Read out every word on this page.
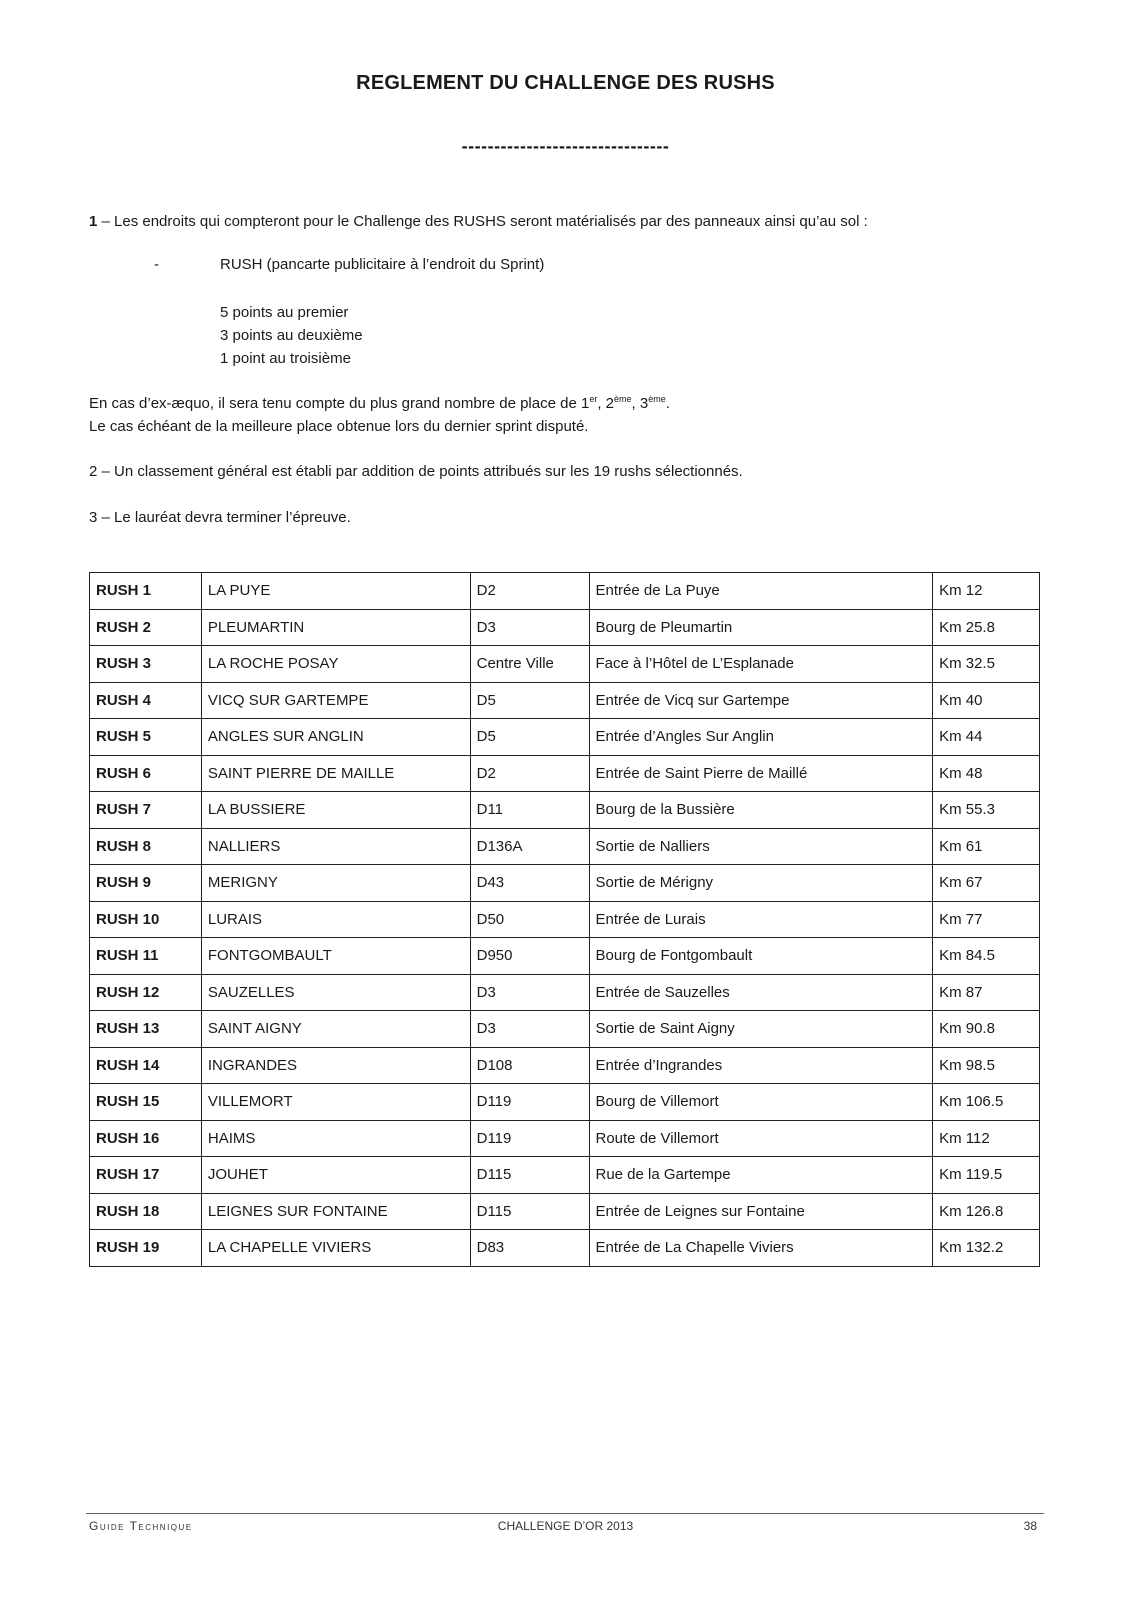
REGLEMENT DU CHALLENGE DES RUSHS
--------------------------------
1 – Les endroits qui compteront pour le Challenge des RUSHS seront matérialisés par des panneaux ainsi qu’au sol :
-	RUSH (pancarte publicitaire à l’endroit du Sprint)
5 points au premier
3 points au deuxième
1 point au troisième
En cas d’ex-æquo, il sera tenu compte du plus grand nombre de place de 1er, 2ème, 3ème.
Le cas échéant de la meilleure place obtenue lors du dernier sprint disputé.
2 – Un classement général est établi par addition de points attribués sur les 19 rushs sélectionnés.
3 – Le lauréat devra terminer l’épreuve.
RUSH 1	LA PUYE	D2	Entrée de La Puye	Km 12
RUSH 2	PLEUMARTIN	D3	Bourg de Pleumartin	Km 25.8
RUSH 3	LA ROCHE POSAY	Centre Ville	Face à l’Hôtel de L’Esplanade	Km 32.5
RUSH 4	VICQ SUR GARTEMPE	D5	Entrée de Vicq sur Gartempe	Km 40
RUSH 5	ANGLES SUR ANGLIN	D5	Entrée d’Angles Sur Anglin	Km 44
RUSH 6	SAINT PIERRE DE MAILLE	D2	Entrée de Saint Pierre de Maillé	Km 48
RUSH 7	LA BUSSIERE	D11	Bourg de la Bussière	Km 55.3
RUSH 8	NALLIERS	D136A	Sortie de Nalliers	Km 61
RUSH 9	MERIGNY	D43	Sortie de Mérigny	Km 67
RUSH 10	LURAIS	D50	Entrée de Lurais	Km 77
RUSH 11	FONTGOMBAULT	D950	Bourg de Fontgombault	Km 84.5
RUSH 12	SAUZELLES	D3	Entrée de Sauzelles	Km 87
RUSH 13	SAINT AIGNY	D3	Sortie de Saint Aigny	Km 90.8
RUSH 14	INGRANDES	D108	Entrée d’Ingrandes	Km 98.5
RUSH 15	VILLEMORT	D119	Bourg de Villemort	Km 106.5
RUSH 16	HAIMS	D119	Route de Villemort	Km 112
RUSH 17	JOUHET	D115	Rue de la Gartempe	Km 119.5
RUSH 18	LEIGNES SUR FONTAINE	D115	Entrée de Leignes sur Fontaine	Km 126.8
RUSH 19	LA CHAPELLE VIVIERS	D83	Entrée de La Chapelle Viviers	Km 132.2
Guide Technique	CHALLENGE D’OR 2013	38
